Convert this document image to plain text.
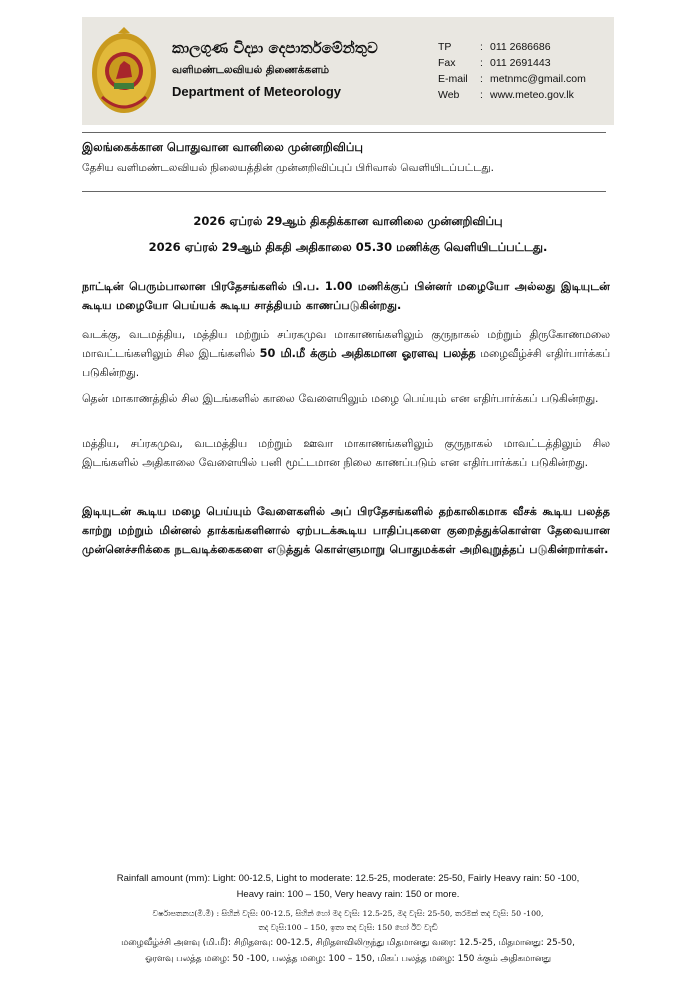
කාලගුණ විද්‍යා දෙපාර්තමේන්තුව
வளிமண்டலவியல் திணைக்களம்
Department of Meteorology
TP	: 011 2686686
Fax	: 011 2691443
E-mail	: metnmc@gmail.com
Web	: www.meteo.gov.lk
இலங்கைக்கான பொதுவான வானிலை முன்னறிவிப்பு
தேசிய வளிமண்டலவியல் நிலையத்தின் முன்னறிவிப்புப் பிரிவால் வெளியிடப்பட்டது.
2026 ஏப்ரல் 29ஆம் திகதிக்கான வானிலை முன்னறிவிப்பு
2026 ஏப்ரல் 29ஆம் திகதி அதிகாலை 05.30 மணிக்கு வெளியிடப்பட்டது.
நாட்டின் பெரும்பாலான பிரதேசங்களில் பி.ப. 1.00 மணிக்குப் பின்னர் மழையோ அல்லது இடியுடன் கூடிய மழையோ பெய்யக் கூடிய சாத்தியம் காணப்படுகின்றது.
வடக்கு, வடமத்திய, மத்திய மற்றும் சப்ரகமுவ மாகாணங்களிலும் குருநாகல் மற்றும் திருகோணமலை மாவட்டங்களிலும் சில இடங்களில் 50 மி.மீ க்கும் அதிகமான ஓரளவு பலத்த மழைவீழ்ச்சி எதிர்பார்க்கப் படுகின்றது.
தென் மாகாணத்தில் சில இடங்களில் காலை வேளையிலும் மழை பெய்யும் என எதிர்பார்க்கப் படுகின்றது.
மத்திய, சப்ரகமுவ, வடமத்திய மற்றும் ஊவா மாகாணங்களிலும் குருநாகல் மாவட்டத்திலும் சில இடங்களில் அதிகாலை வேளையில் பனி மூட்டமான நிலை காணப்படும் என எதிர்பார்க்கப் படுகின்றது.
இடியுடன் கூடிய மழை பெய்யும் வேளைகளில் அப் பிரதேசங்களில் தற்காலிகமாக வீசக் கூடிய பலத்த காற்று மற்றும் மின்னல் தாக்கங்களினால் ஏற்படக்கூடிய பாதிப்புகளை குறைத்துக்கொள்ள தேவையான முன்னெச்சரிக்கை நடவடிக்கைகளை எடுத்துக் கொள்ளுமாறு பொதுமக்கள் அறிவுறுத்தப் படுகின்றார்கள்.
Rainfall amount (mm): Light: 00-12.5, Light to moderate: 12.5-25, moderate: 25-50, Fairly Heavy rain: 50 -100,
Heavy rain: 100 – 150, Very heavy rain: 150 or more.
වර්ෂාපතනය(මි.මී) : සිහින් වැසි: 00-12.5, සිහින් හෝ මද වැසි: 12.5-25, මද වැසි: 25-50, තරමක් තද වැසි: 50 -100,
තද වැසි:100 – 150, ඉතා තද වැසි: 150 හෝ ඊට වැඩි
மழைவீழ்ச்சி அளவு (மி.மீ): சிறிதளவு: 00-12.5, சிறிதளவிலிருந்து மிதமானது வரை: 12.5-25, மிதமானது: 25-50,
ஓரளவு பலத்த மழை: 50 -100, பலத்த மழை: 100 – 150, மிகப் பலத்த மழை: 150 க்கும் அதிகமானது
